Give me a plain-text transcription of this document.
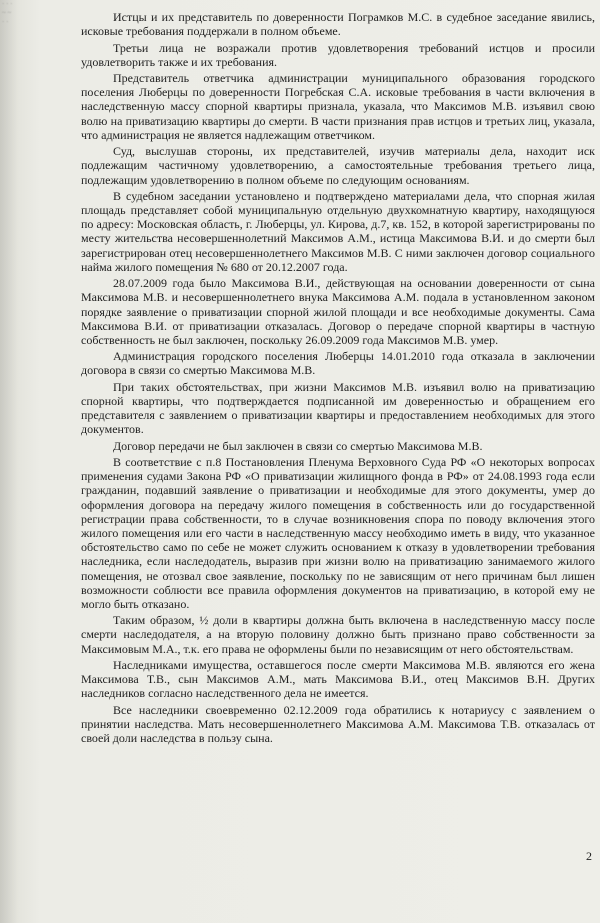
· · ·
~ ~
· ·	Истцы и их представитель по доверенности Пограмков М.С. в судебное заседание явились, исковые требования поддержали в полном объеме.

Третьи лица не возражали против удовлетворения требований истцов и просили удовлетворить также и их требования.

Представитель ответчика администрации муниципального образования городского поселения Люберцы по доверенности Погребская С.А. исковые требования в части включения в наследственную массу спорной квартиры признала, указала, что Максимов М.В. изъявил свою волю на приватизацию квартиры до смерти. В части признания прав истцов и третьих лиц, указала, что администрация не является надлежащим ответчиком.

Суд, выслушав стороны, их представителей, изучив материалы дела, находит иск подлежащим частичному удовлетворению, а самостоятельные требования третьего лица, подлежащим удовлетворению в полном объеме по следующим основаниям.

В судебном заседании установлено и подтверждено материалами дела, что спорная жилая площадь представляет собой муниципальную отдельную двухкомнатную квартиру, находящуюся по адресу: Московская область, г. Люберцы, ул. Кирова, д.7, кв. 152, в которой зарегистрированы по месту жительства несовершеннолетний Максимов А.М., истица Максимова В.И. и до смерти был зарегистрирован отец несовершеннолетнего Максимов М.В. С ними заключен договор социального найма жилого помещения № 680 от 20.12.2007 года.

28.07.2009 года было Максимова В.И., действующая на основании доверенности от сына Максимова М.В. и несовершеннолетнего внука Максимова А.М. подала в установленном законом порядке заявление о приватизации спорной жилой площади и все необходимые документы. Сама Максимова В.И. от приватизации отказалась. Договор о передаче спорной квартиры в частную собственность не был заключен, поскольку 26.09.2009 года Максимов М.В. умер.

Администрация городского поселения Люберцы 14.01.2010 года отказала в заключении договора в связи со смертью Максимова М.В.

При таких обстоятельствах, при жизни Максимов М.В. изъявил волю на приватизацию спорной квартиры, что подтверждается подписанной им доверенностью и обращением его представителя с заявлением о приватизации квартиры и предоставлением необходимых для этого документов.

Договор передачи не был заключен в связи со смертью Максимова М.В.

В соответствие с п.8 Постановления Пленума Верховного Суда РФ «О некоторых вопросах применения судами Закона РФ «О приватизации жилищного фонда в РФ» от 24.08.1993 года если гражданин, подавший заявление о приватизации и необходимые для этого документы, умер до оформления договора на передачу жилого помещения в собственность или до государственной регистрации права собственности, то в случае возникновения спора по поводу включения этого жилого помещения или его части в наследственную массу необходимо иметь в виду, что указанное обстоятельство само по себе не может служить основанием к отказу в удовлетворении требования наследника, если наследодатель, выразив при жизни волю на приватизацию занимаемого жилого помещения, не отозвал свое заявление, поскольку по не зависящим от него причинам был лишен возможности соблюсти все правила оформления документов на приватизацию, в которой ему не могло быть отказано.

Таким образом, ½ доли в квартиры должна быть включена в наследственную массу после смерти наследодателя, а на вторую половину должно быть признано право собственности за Максимовым М.А., т.к. его права не оформлены были по независящим от него обстоятельствам.

Наследниками имущества, оставшегося после смерти Максимова М.В. являются его жена Максимова Т.В., сын Максимов А.М., мать Максимова В.И., отец Максимов В.Н. Других наследников согласно наследственного дела не имеется.

Все наследники своевременно 02.12.2009 года обратились к нотариусу с заявлением о принятии наследства. Мать несовершеннолетнего Максимова А.М. Максимова Т.В. отказалась от своей доли наследства в пользу сына.

2
